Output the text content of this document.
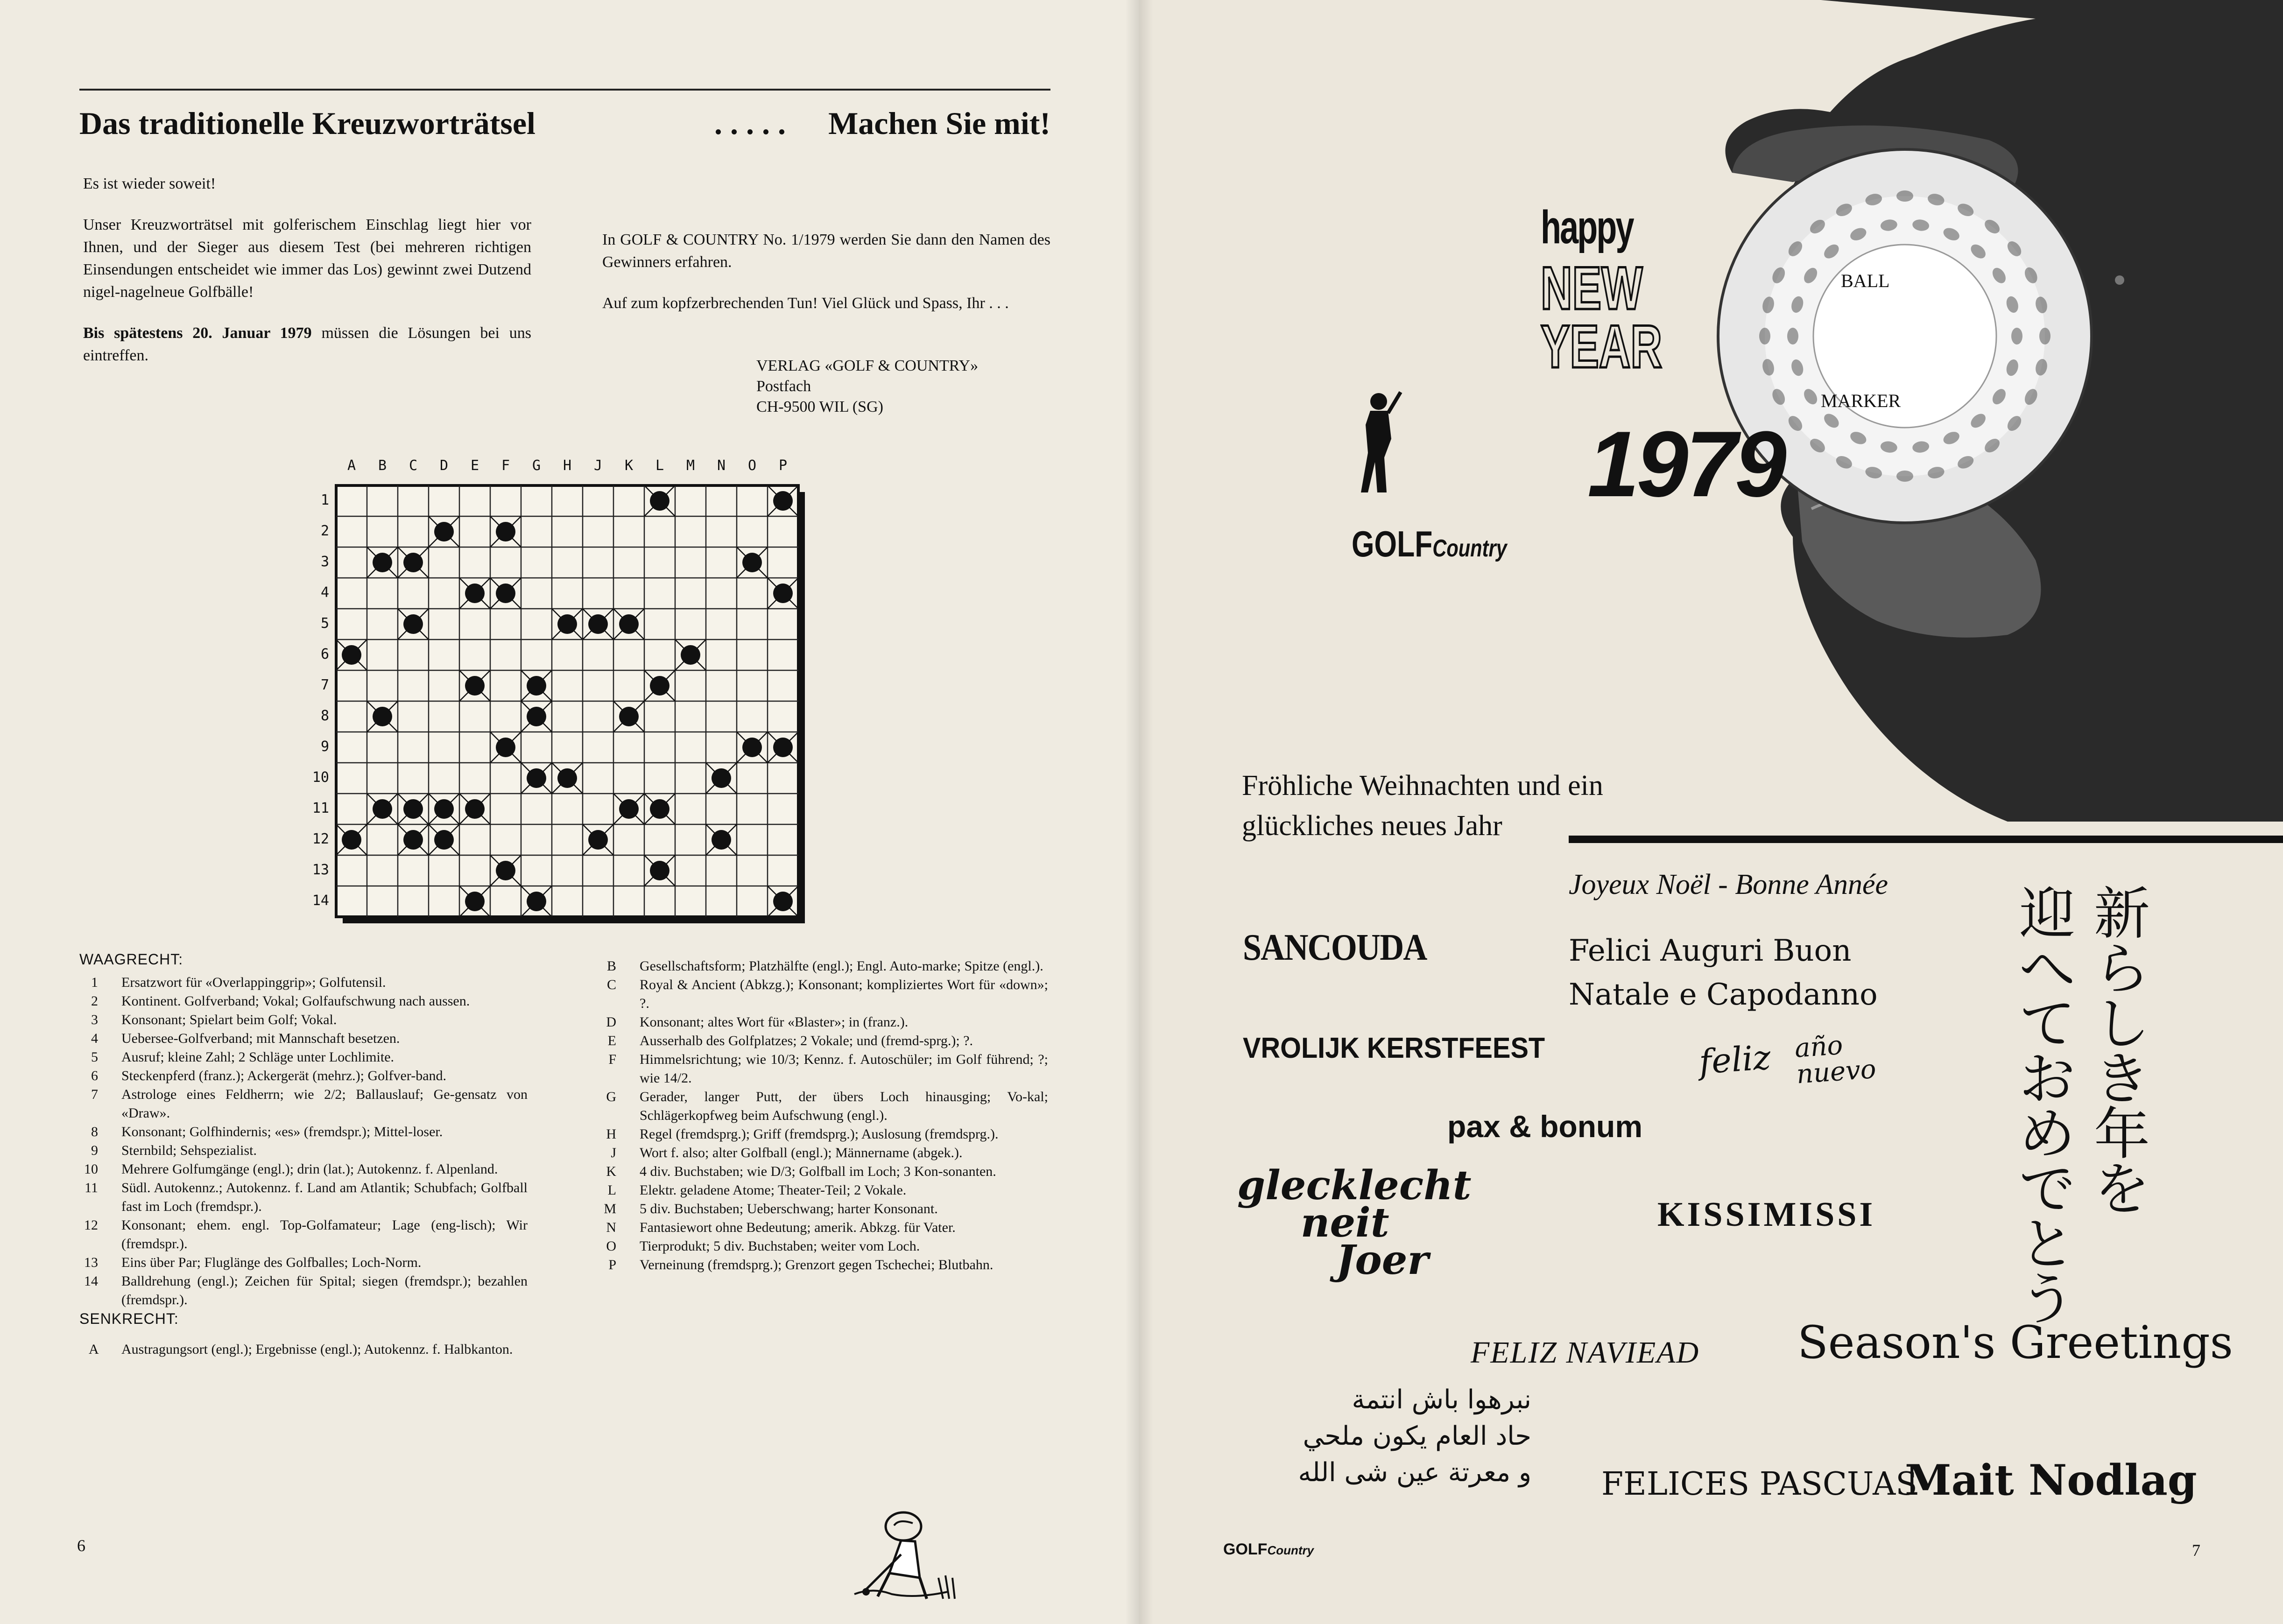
Das traditionelle Kreuzworträtsel	. . . . . Machen Sie mit!

Es ist wieder soweit!

Unser Kreuzworträtsel mit golferischem Einschlag liegt hier vor Ihnen, und der Sieger aus diesem Test (bei mehreren richtigen Einsendungen entscheidet wie immer das Los) gewinnt zwei Dutzend nigel-nagelneue Golfbälle!

Bis spätestens 20. Januar 1979 müssen die Lösungen bei uns eintreffen.

In GOLF & COUNTRY No. 1/1979 werden Sie dann den Namen des Gewinners erfahren.

Auf zum kopfzerbrechenden Tun! Viel Glück und Spass, Ihr . . .

VERLAG «GOLF & COUNTRY»
Postfach
CH-9500 WIL (SG)
A	B	C	D	E	F	G	H	J	K	L	M	N	O	P
1
2
3
4
5
6
7
8
9
10
11
12
13
14
WAAGRECHT:
1 Ersatzwort für «Overlappinggrip»; Golfutensil.
2 Kontinent. Golfverband; Vokal; Golfaufschwung nach aussen.
3 Konsonant; Spielart beim Golf; Vokal.
4 Uebersee-Golfverband; mit Mannschaft besetzen.
5 Ausruf; kleine Zahl; 2 Schläge unter Lochlimite.
6 Steckenpferd (franz.); Ackergerät (mehrz.); Golfver-band.
7 Astrologe eines Feldherrn; wie 2/2; Ballauslauf; Ge-gensatz von «Draw».
8 Konsonant; Golfhindernis; «es» (fremdspr.); Mittel-loser.
9 Sternbild; Sehspezialist.
10 Mehrere Golfumgänge (engl.); drin (lat.); Autokennz. f. Alpenland.
11 Südl. Autokennz.; Autokennz. f. Land am Atlantik; Schubfach; Golfball fast im Loch (fremdspr.).
12 Konsonant; ehem. engl. Top-Golfamateur; Lage (eng-lisch); Wir (fremdspr.).
13 Eins über Par; Fluglänge des Golfballes; Loch-Norm.
14 Balldrehung (engl.); Zeichen für Spital; siegen (fremdspr.); bezahlen (fremdspr.).
SENKRECHT:
A Austragungsort (engl.); Ergebnisse (engl.); Autokennz. f. Halbkanton.
B Gesellschaftsform; Platzhälfte (engl.); Engl. Auto-marke; Spitze (engl.).
C Royal & Ancient (Abkzg.); Konsonant; kompliziertes Wort für «down»; ?.
D Konsonant; altes Wort für «Blaster»; in (franz.).
E Ausserhalb des Golfplatzes; 2 Vokale; und (fremd-sprg.); ?.
F Himmelsrichtung; wie 10/3; Kennz. f. Autoschüler; im Golf führend; ?; wie 14/2.
G Gerader, langer Putt, der übers Loch hinausging; Vo-kal; Schlägerkopfweg beim Aufschwung (engl.).
H Regel (fremdsprg.); Griff (fremdsprg.); Auslosung (fremdsprg.).
J Wort f. also; alter Golfball (engl.); Männername (abgek.).
K 4 div. Buchstaben; wie D/3; Golfball im Loch; 3 Kon-sonanten.
L Elektr. geladene Atome; Theater-Teil; 2 Vokale.
M 5 div. Buchstaben; Ueberschwang; harter Konsonant.
N Fantasiewort ohne Bedeutung; amerik. Abkzg. für Vater.
O Tierprodukt; 5 div. Buchstaben; weiter vom Loch.
P Verneinung (fremdsprg.); Grenzort gegen Tschechei; Blutbahn.
6
BALL
MARKER
happy
NEW
YEAR
1979
GOLFCountry
Fröhliche Weihnachten und ein
glückliches neues Jahr
Joyeux Noël - Bonne Année
SANCOUDA	Felici Auguri Buon
Natale e Capodanno
VROLIJK KERSTFEEST	feliz año
nuevo
pax & bonum
glecklecht
neit
Joer
KISSIMISSI
新
ら
し
き
年
を
迎
へ
て
お
め
で
と
う
FELIZ NAVIEAD Season's Greetings
نبرهوا باش انتمة
حاد العام يكون ملحي
و معرتة عين شى الله FELICES PASCUAS
Mait Nodlag
GOLFCountry	7
